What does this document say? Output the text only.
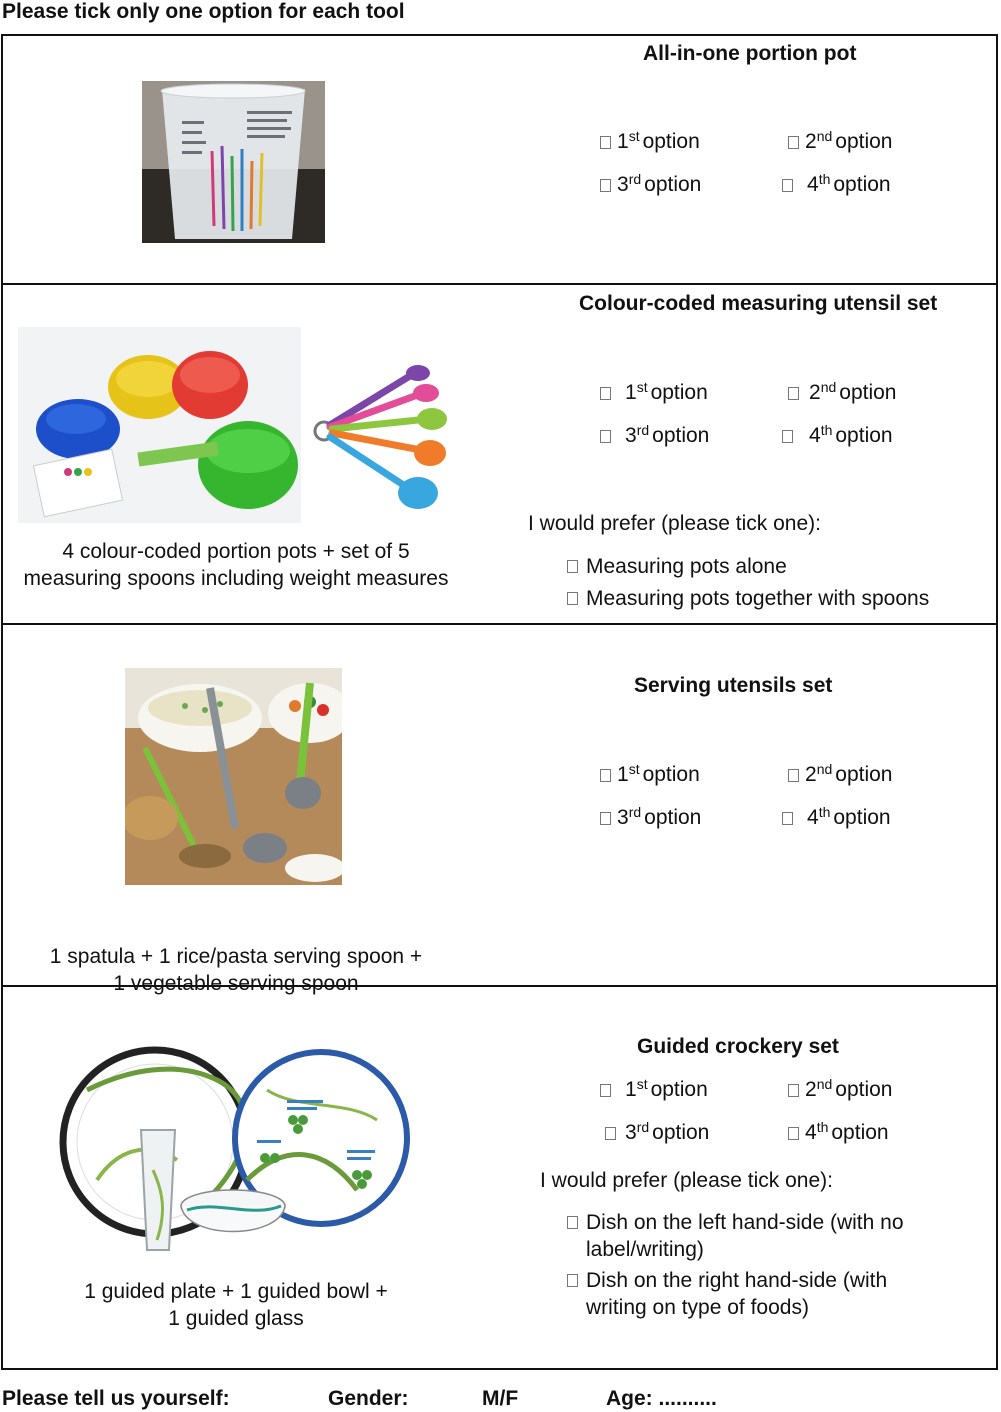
Please tick only one option for each tool
All-in-one portion pot
1st option	2nd option
3rd option	4th option
4 colour-coded portion pots + set of 5
measuring spoons including weight measures
Colour-coded measuring utensil set
1st option	2nd option
3rd option	4th option
I would prefer (please tick one):
Measuring pots alone
Measuring pots together with spoons
1 spatula + 1 rice/pasta serving spoon +
1 vegetable serving spoon
Serving utensils set
1st option	2nd option
3rd option	4th option
1 guided plate + 1 guided bowl +
1 guided glass
Guided crockery set
1st option	2nd option
3rd option	4th option
I would prefer (please tick one):
Dish on the left hand-side (with no
label/writing)
Dish on the right hand-side (with
writing on type of foods)
Please tell us yourself:	Gender:	M/F	Age: ..........
